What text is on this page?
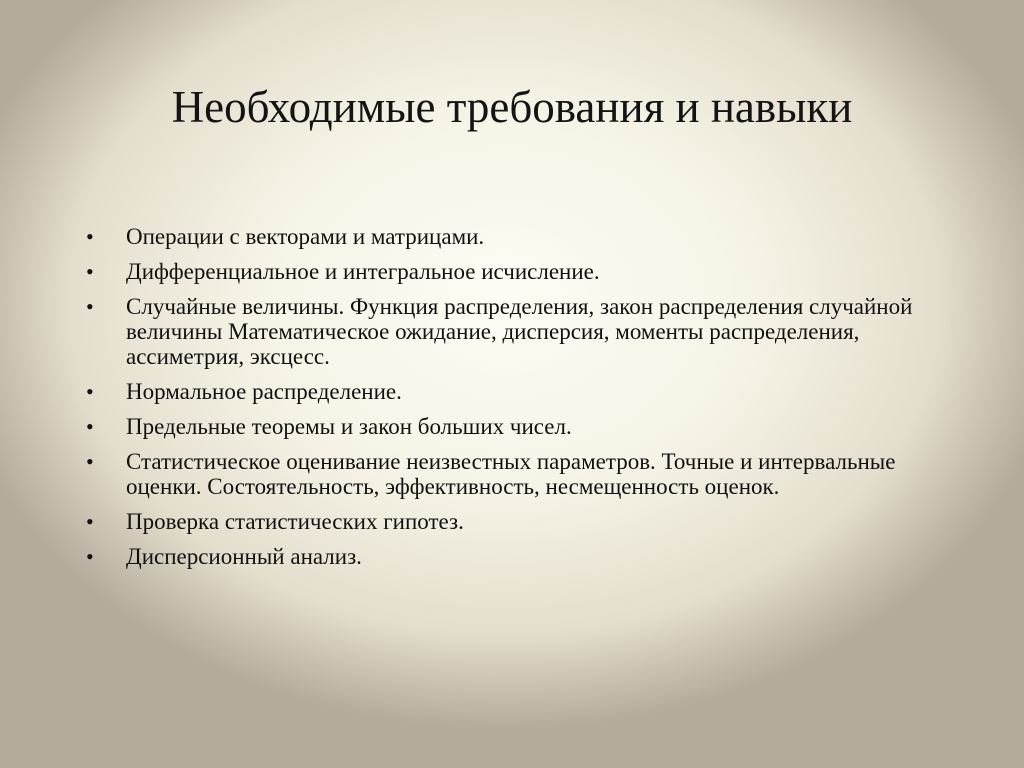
Необходимые требования и навыки
•	Операции с векторами и матрицами.
•	Дифференциальное и интегральное исчисление.
•	Случайные величины. Функция распределения, закон распределения случайной величины Математическое ожидание, дисперсия, моменты распределения, ассиметрия, эксцесс.
•	Нормальное распределение.
•	Предельные теоремы и закон больших чисел.
•	Статистическое оценивание неизвестных параметров. Точные и интервальные оценки. Состоятельность, эффективность, несмещенность оценок.
•	Проверка статистических гипотез.
•	Дисперсионный анализ.
